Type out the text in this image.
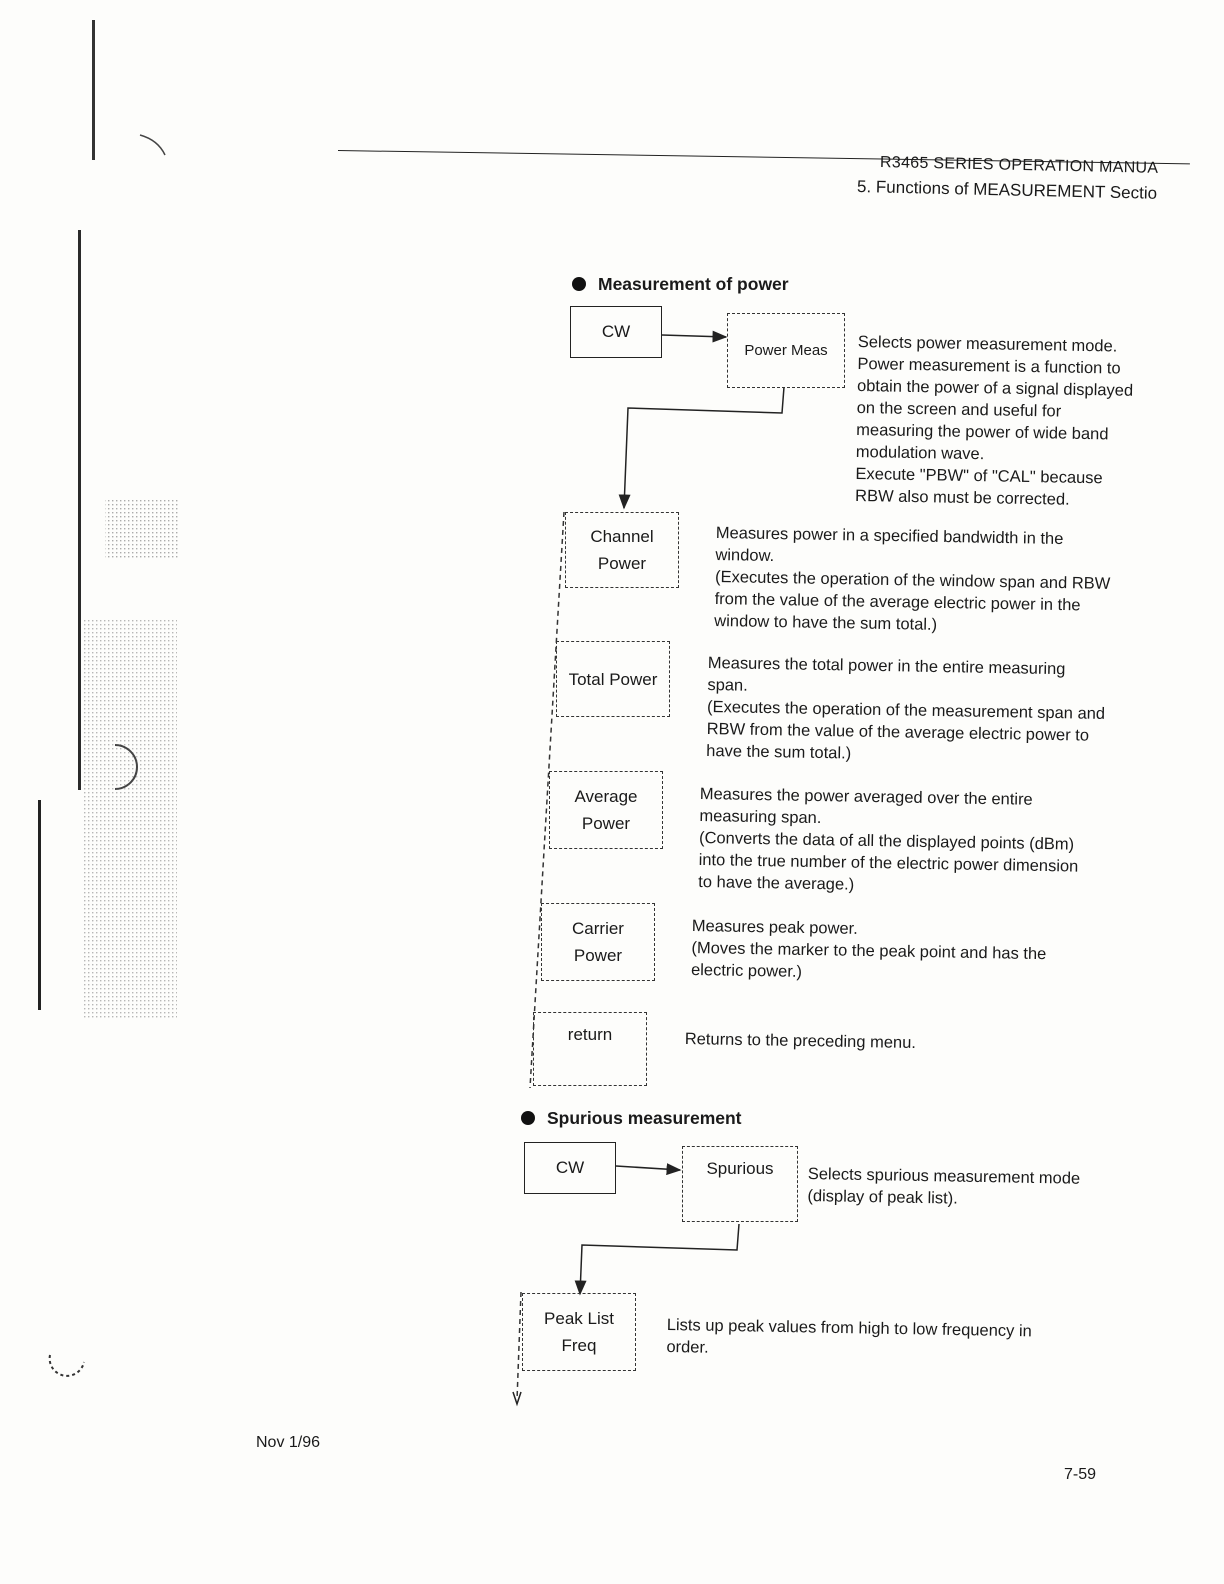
R3465 SERIES OPERATION MANUA
5. Functions of MEASUREMENT Sectio
Measurement of power
CW
Power Meas Selects power measurement mode.

Power measurement is a function to

obtain the power of a signal displayed

on the screen and useful for

measuring the power of wide band

modulation wave.

Execute "PBW" of "CAL" because

RBW also must be corrected.

Channel
Power

Measures power in a specified bandwidth in the

window.

(Executes the operation of the window span and RBW

from the value of the average electric power in the

window to have the sum total.)

Total Power

Measures the total power in the entire measuring

span.

(Executes the operation of the measurement span and

RBW from the value of the average electric power to

have the sum total.)

Average
Power

Measures the power averaged over the entire

measuring span.

(Converts the data of all the displayed points (dBm)

into the true number of the electric power dimension

to have the average.)

Carrier
Power

Measures peak power.

(Moves the marker to the peak point and has the

electric power.)

return	Returns to the preceding menu.

Spurious measurement
CW	Spurious Selects spurious measurement mode

(display of peak list).

Peak List
Freq

Lists up peak values from high to low frequency in

order.

Nov 1/96
7-59
